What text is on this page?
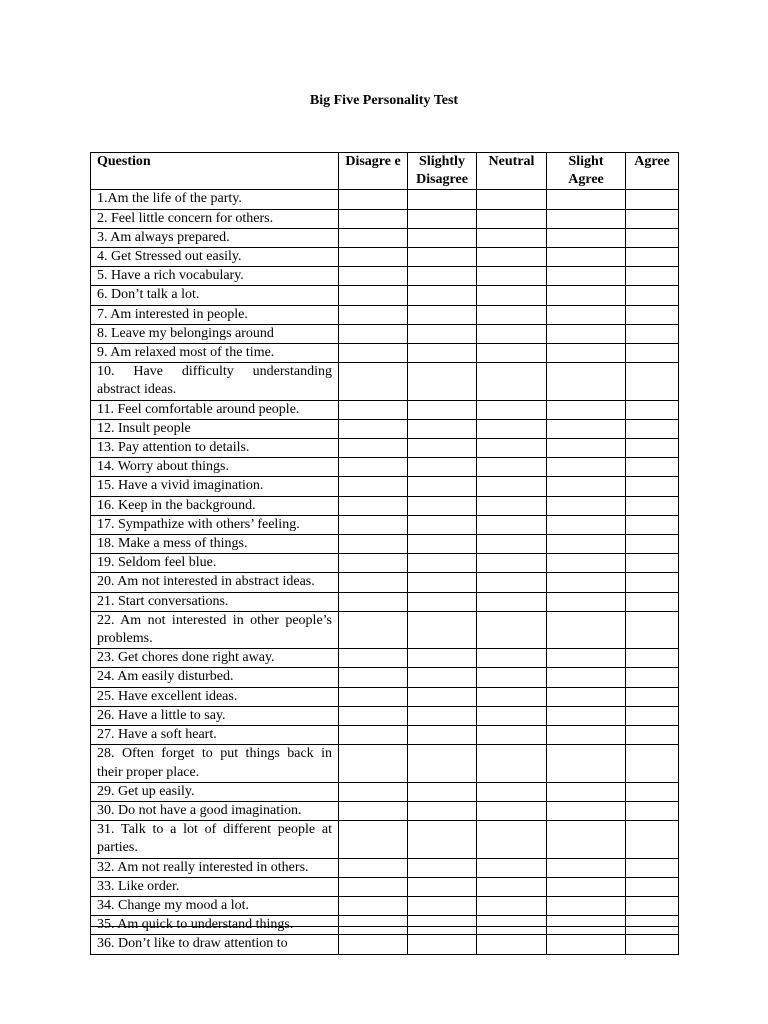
Big Five Personality Test
Question	Disagre e	Slightly Disagree	Neutral	Slight Agree	Agree
1.Am the life of the party.					
2. Feel little concern for others.					
3. Am always prepared.					
4. Get Stressed out easily.					
5. Have a rich vocabulary.					
6. Don’t talk a lot.					
7. Am interested in people.					
8. Leave my belongings around					
9. Am relaxed most of the time.					
10. Have difficulty understanding abstract ideas.					
11. Feel comfortable around people.					
12. Insult people					
13. Pay attention to details.					
14. Worry about things.					
15. Have a vivid imagination.					
16. Keep in the background.					
17. Sympathize with others’ feeling.					
18. Make a mess of things.					
19. Seldom feel blue.					
20. Am not interested in abstract ideas.					
21. Start conversations.					
22. Am not interested in other people’s problems.					
23. Get chores done right away.					
24. Am easily disturbed.					
25. Have excellent ideas.					
26. Have a little to say.					
27. Have a soft heart.					
28. Often forget to put things back in their proper place.					
29. Get up easily.					
30. Do not have a good imagination.					
31. Talk to a lot of different people at parties.					
32. Am not really interested in others.					
33. Like order.					
34. Change my mood a lot.					
35. Am quick to understand things.					
36. Don’t like to draw attention to					
